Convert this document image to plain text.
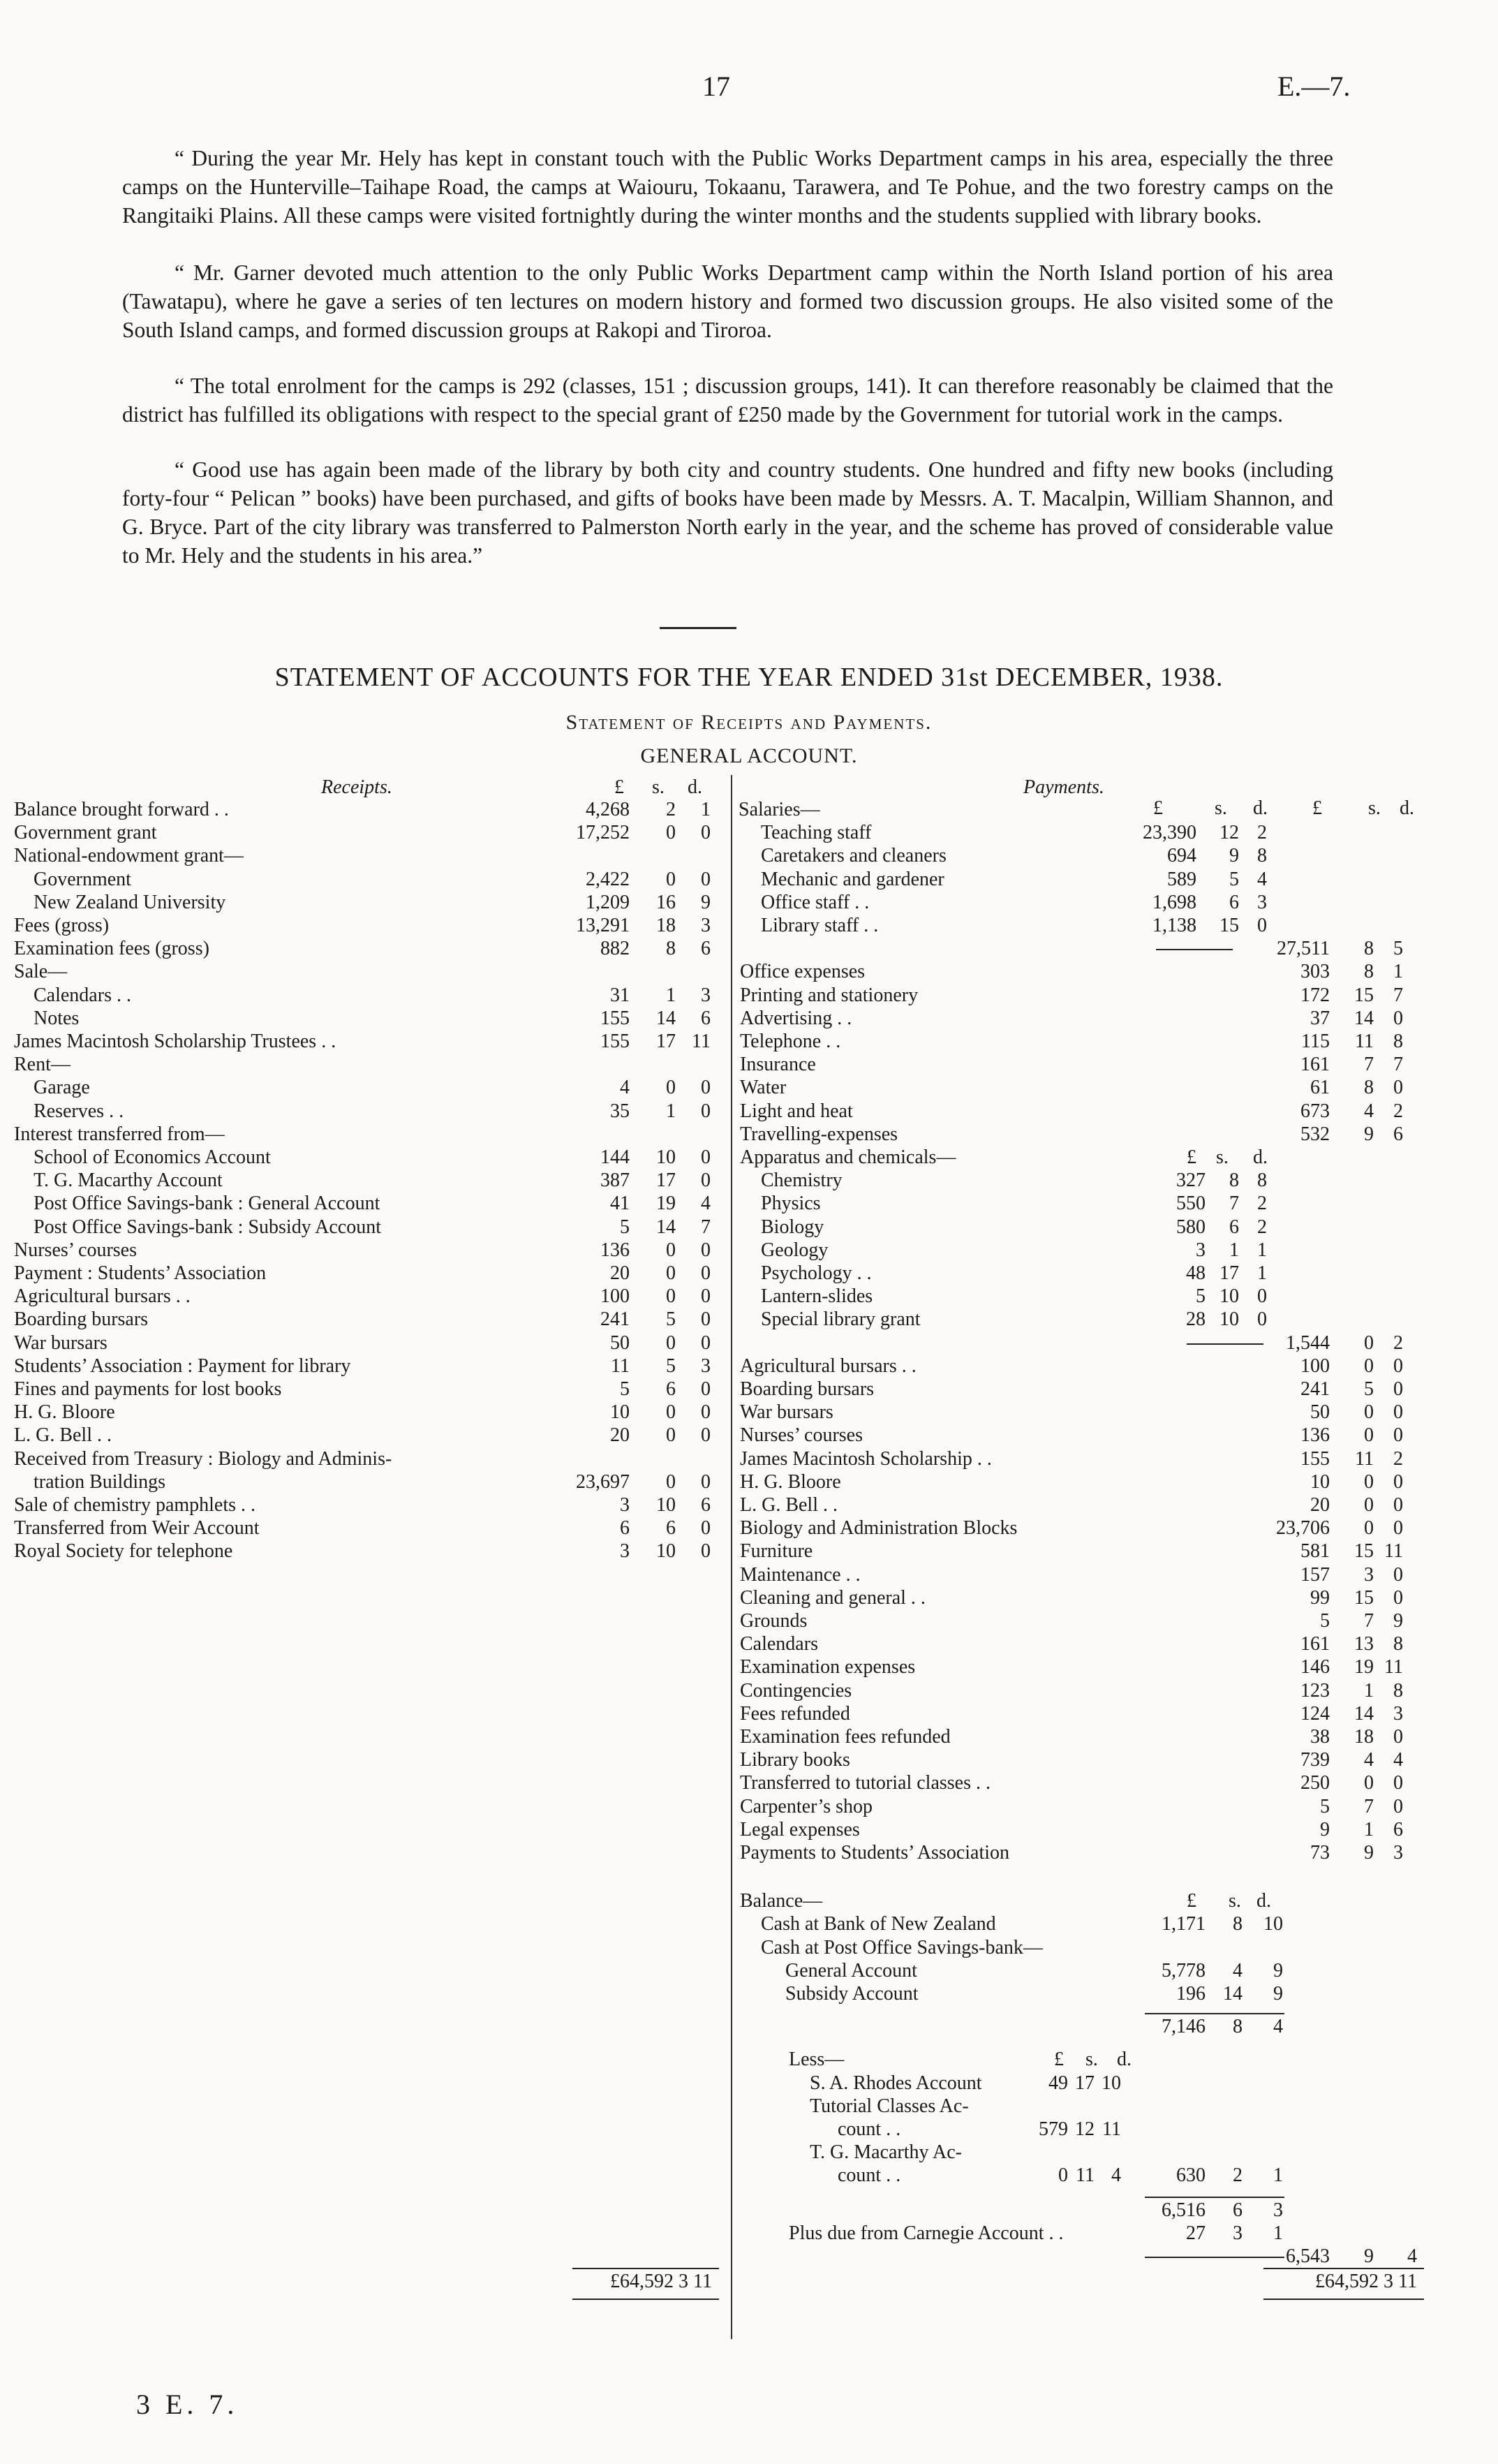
17	E.—7.
“ During the year Mr. Hely has kept in constant touch with the Public Works Department camps in his area, especially the three camps on the Hunterville–Taihape Road, the camps at Waiouru, Tokaanu, Tarawera, and Te Pohue, and the two forestry camps on the Rangitaiki Plains. All these camps were visited fortnightly during the winter months and the students supplied with library books.
“ Mr. Garner devoted much attention to the only Public Works Department camp within the North Island portion of his area (Tawatapu), where he gave a series of ten lectures on modern history and formed two discussion groups. He also visited some of the South Island camps, and formed discussion groups at Rakopi and Tiroroa.
“ The total enrolment for the camps is 292 (classes, 151 ; discussion groups, 141). It can therefore reasonably be claimed that the district has fulfilled its obligations with respect to the special grant of £250 made by the Government for tutorial work in the camps.
“ Good use has again been made of the library by both city and country students. One hundred and fifty new books (including forty-four “ Pelican ” books) have been purchased, and gifts of books have been made by Messrs. A. T. Macalpin, William Shannon, and G. Bryce. Part of the city library was transferred to Palmerston North early in the year, and the scheme has proved of considerable value to Mr. Hely and the students in his area.”
STATEMENT OF ACCOUNTS FOR THE YEAR ENDED 31st DECEMBER, 1938.
Statement of Receipts and Payments.
GENERAL ACCOUNT.
Receipts.	£ s. d.
Balance brought forward . .	4,268	2	1
Government grant	17,252	0	0
National-endowment grant—
Government	2,422	0	0
New Zealand University	1,209	16	9
Fees (gross)	13,291	18	3
Examination fees (gross)	882	8	6
Sale—
Calendars . .	31	1	3
Notes	155	14	6
James Macintosh Scholarship Trustees . .	155	17 11
Rent—
Garage	4	0	0
Reserves . .	35	1	0
Interest transferred from—
School of Economics Account	144	10	0
T. G. Macarthy Account	387	17	0
Post Office Savings-bank : General Account	41	19	4
Post Office Savings-bank : Subsidy Account	5	14	7
Nurses’ courses	136	0	0
Payment : Students’ Association	20	0	0
Agricultural bursars . .	100	0	0
Boarding bursars	241	5	0
War bursars	50	0	0
Students’ Association : Payment for library	11	5	3
Fines and payments for lost books	5	6	0
H. G. Bloore	10	0	0
L. G. Bell . .	20	0	0
Received from Treasury : Biology and Adminis-
tration Buildings	23,697	0	0
Sale of chemistry pamphlets . .	3	10	6
Transferred from Weir Account	6	6	0
Royal Society for telephone	3	10	0
£64,592 3 11
Payments.
£	s. d. £ s. d.
Salaries—
Teaching staff	23,390	12 2
Caretakers and cleaners	694	9 8
Mechanic and gardener	589	5 4
Office staff . .	1,698	6 3
Library staff . .	1,138	15 0
27,511	8	5
Office expenses	303	8	1
Printing and stationery	172	15	7
Advertising . .	37	14	0
Telephone . .	115	11	8
Insurance	161	7	7
Water	61	8	0
Light and heat	673	4	2
Travelling-expenses	532	9	6
Apparatus and chemicals—	£ s. d.
Chemistry	327	8 8
Physics	550	7 2
Biology	580	6 2
Geology	3	1 1
Psychology . .	48 17 1
Lantern-slides	5 10 0
Special library grant	28 10 0
1,544	0	2
Agricultural bursars . .	100	0	0
Boarding bursars	241	5	0
War bursars	50	0	0
Nurses’ courses	136	0	0
James Macintosh Scholarship . .	155	11	2
H. G. Bloore	10	0	0
L. G. Bell . .	20	0	0
Biology and Administration Blocks	23,706	0	0
Furniture	581	15 11
Maintenance . .	157	3	0
Cleaning and general . .	99	15	0
Grounds	5	7	9
Calendars	161	13	8
Examination expenses	146	19 11
Contingencies	123	1	8
Fees refunded	124	14	3
Examination fees refunded	38	18	0
Library books	739	4	4
Transferred to tutorial classes . .	250	0	0
Carpenter’s shop	5	7	0
Legal expenses	9	1	6
Payments to Students’ Association	73	9	3
Balance—	£ s. d.
Cash at Bank of New Zealand	1,171	8	10
Cash at Post Office Savings-bank—
General Account	5,778	4	9
Subsidy Account	196 14	9
7,146	8	4
Less—	£ s. d.
S. A. Rhodes Account	49 17 10
Tutorial Classes Ac-
count . .	579 12 11
T. G. Macarthy Ac-
count . .	0 11 4	630	2	1
6,516	6	3
Plus due from Carnegie Account . .	27	3	1
6,543	9	4
£64,592 3 11
3 E. 7.
